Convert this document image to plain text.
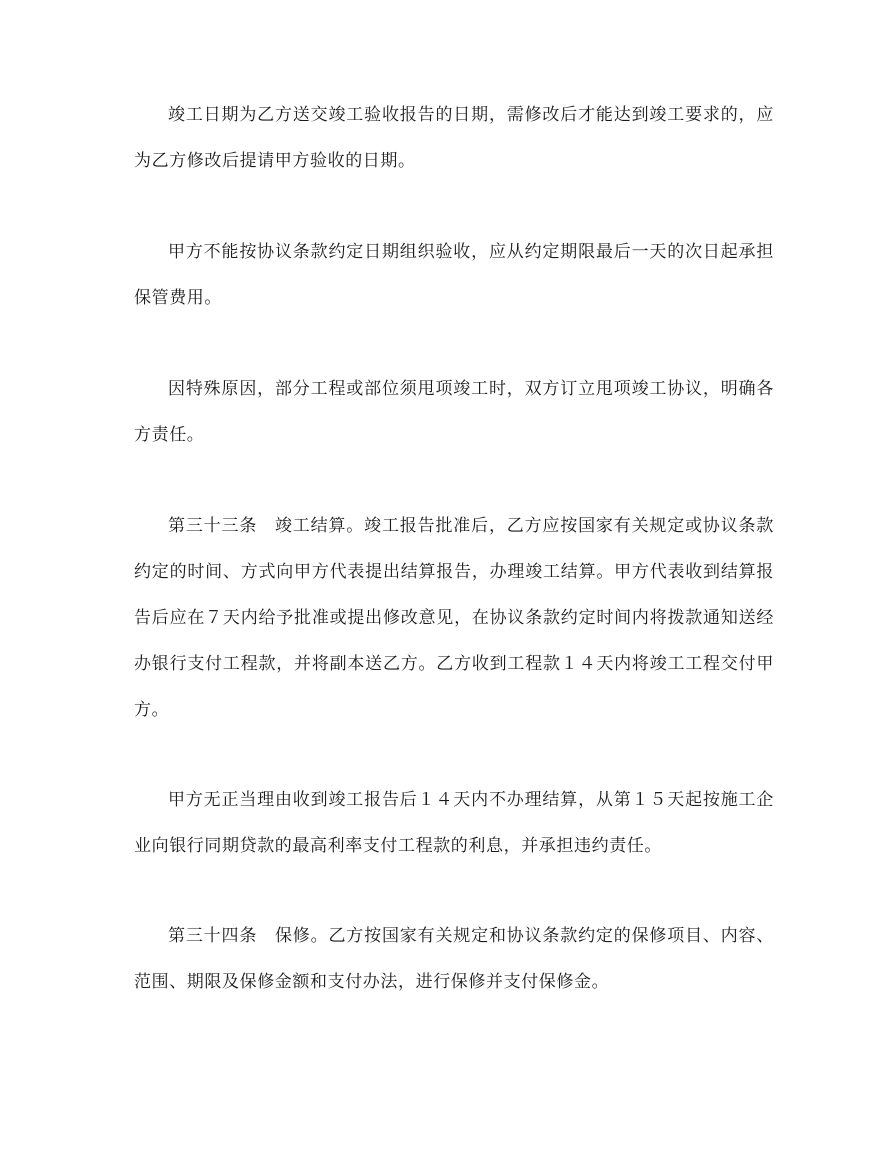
竣工日期为乙方送交竣工验收报告的日期，需修改后才能达到竣工要求的，应为乙方修改后提请甲方验收的日期。

甲方不能按协议条款约定日期组织验收，应从约定期限最后一天的次日起承担保管费用。

因特殊原因，部分工程或部位须甩项竣工时，双方订立甩项竣工协议，明确各方责任。

第三十三条　竣工结算。竣工报告批准后，乙方应按国家有关规定或协议条款约定的时间、方式向甲方代表提出结算报告，办理竣工结算。甲方代表收到结算报告后应在７天内给予批准或提出修改意见，在协议条款约定时间内将拨款通知送经办银行支付工程款，并将副本送乙方。乙方收到工程款１４天内将竣工工程交付甲方。

甲方无正当理由收到竣工报告后１４天内不办理结算，从第１５天起按施工企业向银行同期贷款的最高利率支付工程款的利息，并承担违约责任。

第三十四条　保修。乙方按国家有关规定和协议条款约定的保修项目、内容、范围、期限及保修金额和支付办法，进行保修并支付保修金。
